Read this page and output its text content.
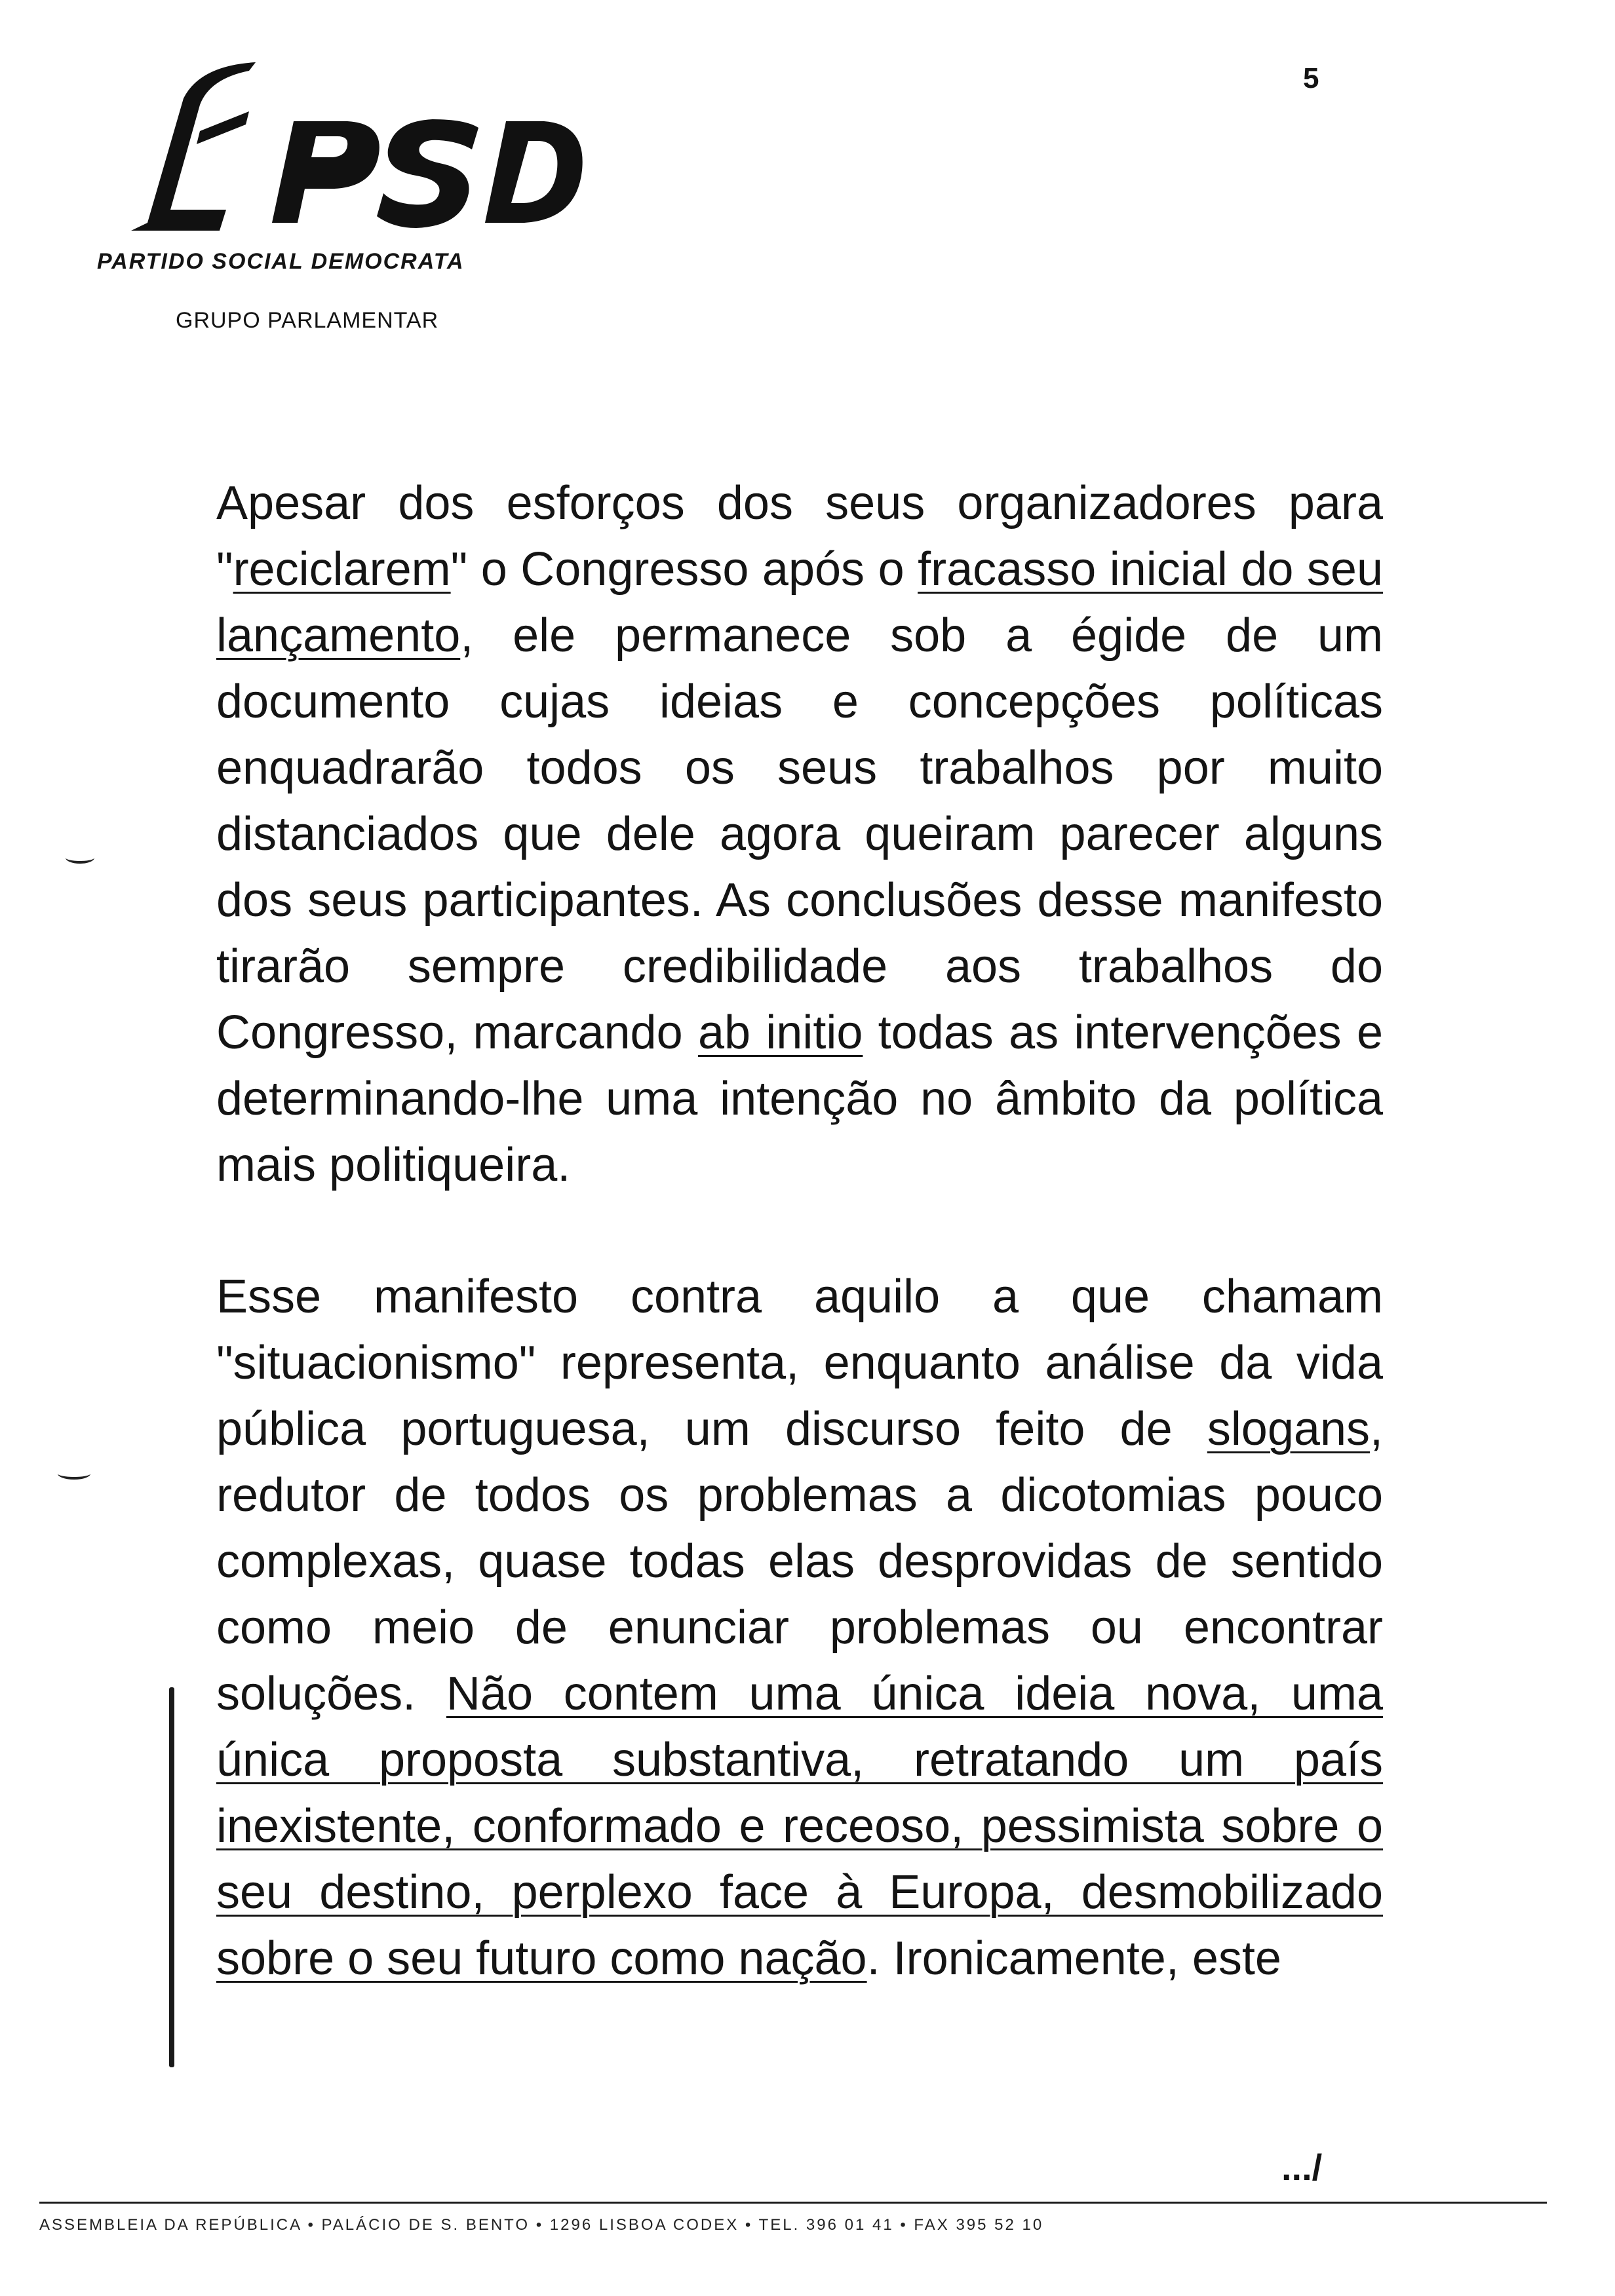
5
PARTIDO SOCIAL DEMOCRATA
GRUPO PARLAMENTAR

Apesar dos esforços dos seus organizadores para "reciclarem" o Congresso após o fracasso inicial do seu lançamento, ele permanece sob a égide de um documento cujas ideias e concepções políticas enquadrarão todos os seus trabalhos por muito distanciados que dele agora queiram parecer alguns dos seus participantes. As conclusões desse manifesto tirarão sempre credibilidade aos trabalhos do Congresso, marcando ab initio todas as intervenções e determinando-lhe uma intenção no âmbito da política mais politiqueira.

Esse manifesto contra aquilo a que chamam "situacionismo" representa, enquanto análise da vida pública portuguesa, um discurso feito de slogans, redutor de todos os problemas a dicotomias pouco complexas, quase todas elas desprovidas de sentido como meio de enunciar problemas ou encontrar soluções. Não contem uma única ideia nova, uma única proposta substantiva, retratando um país inexistente, conformado e receoso, pessimista sobre o seu destino, perplexo face à Europa, desmobilizado sobre o seu futuro como nação. Ironicamente, este

.../
ASSEMBLEIA DA REPÚBLICA • PALÁCIO DE S. BENTO • 1296 LISBOA CODEX • TEL. 396 01 41 • FAX 395 52 10
